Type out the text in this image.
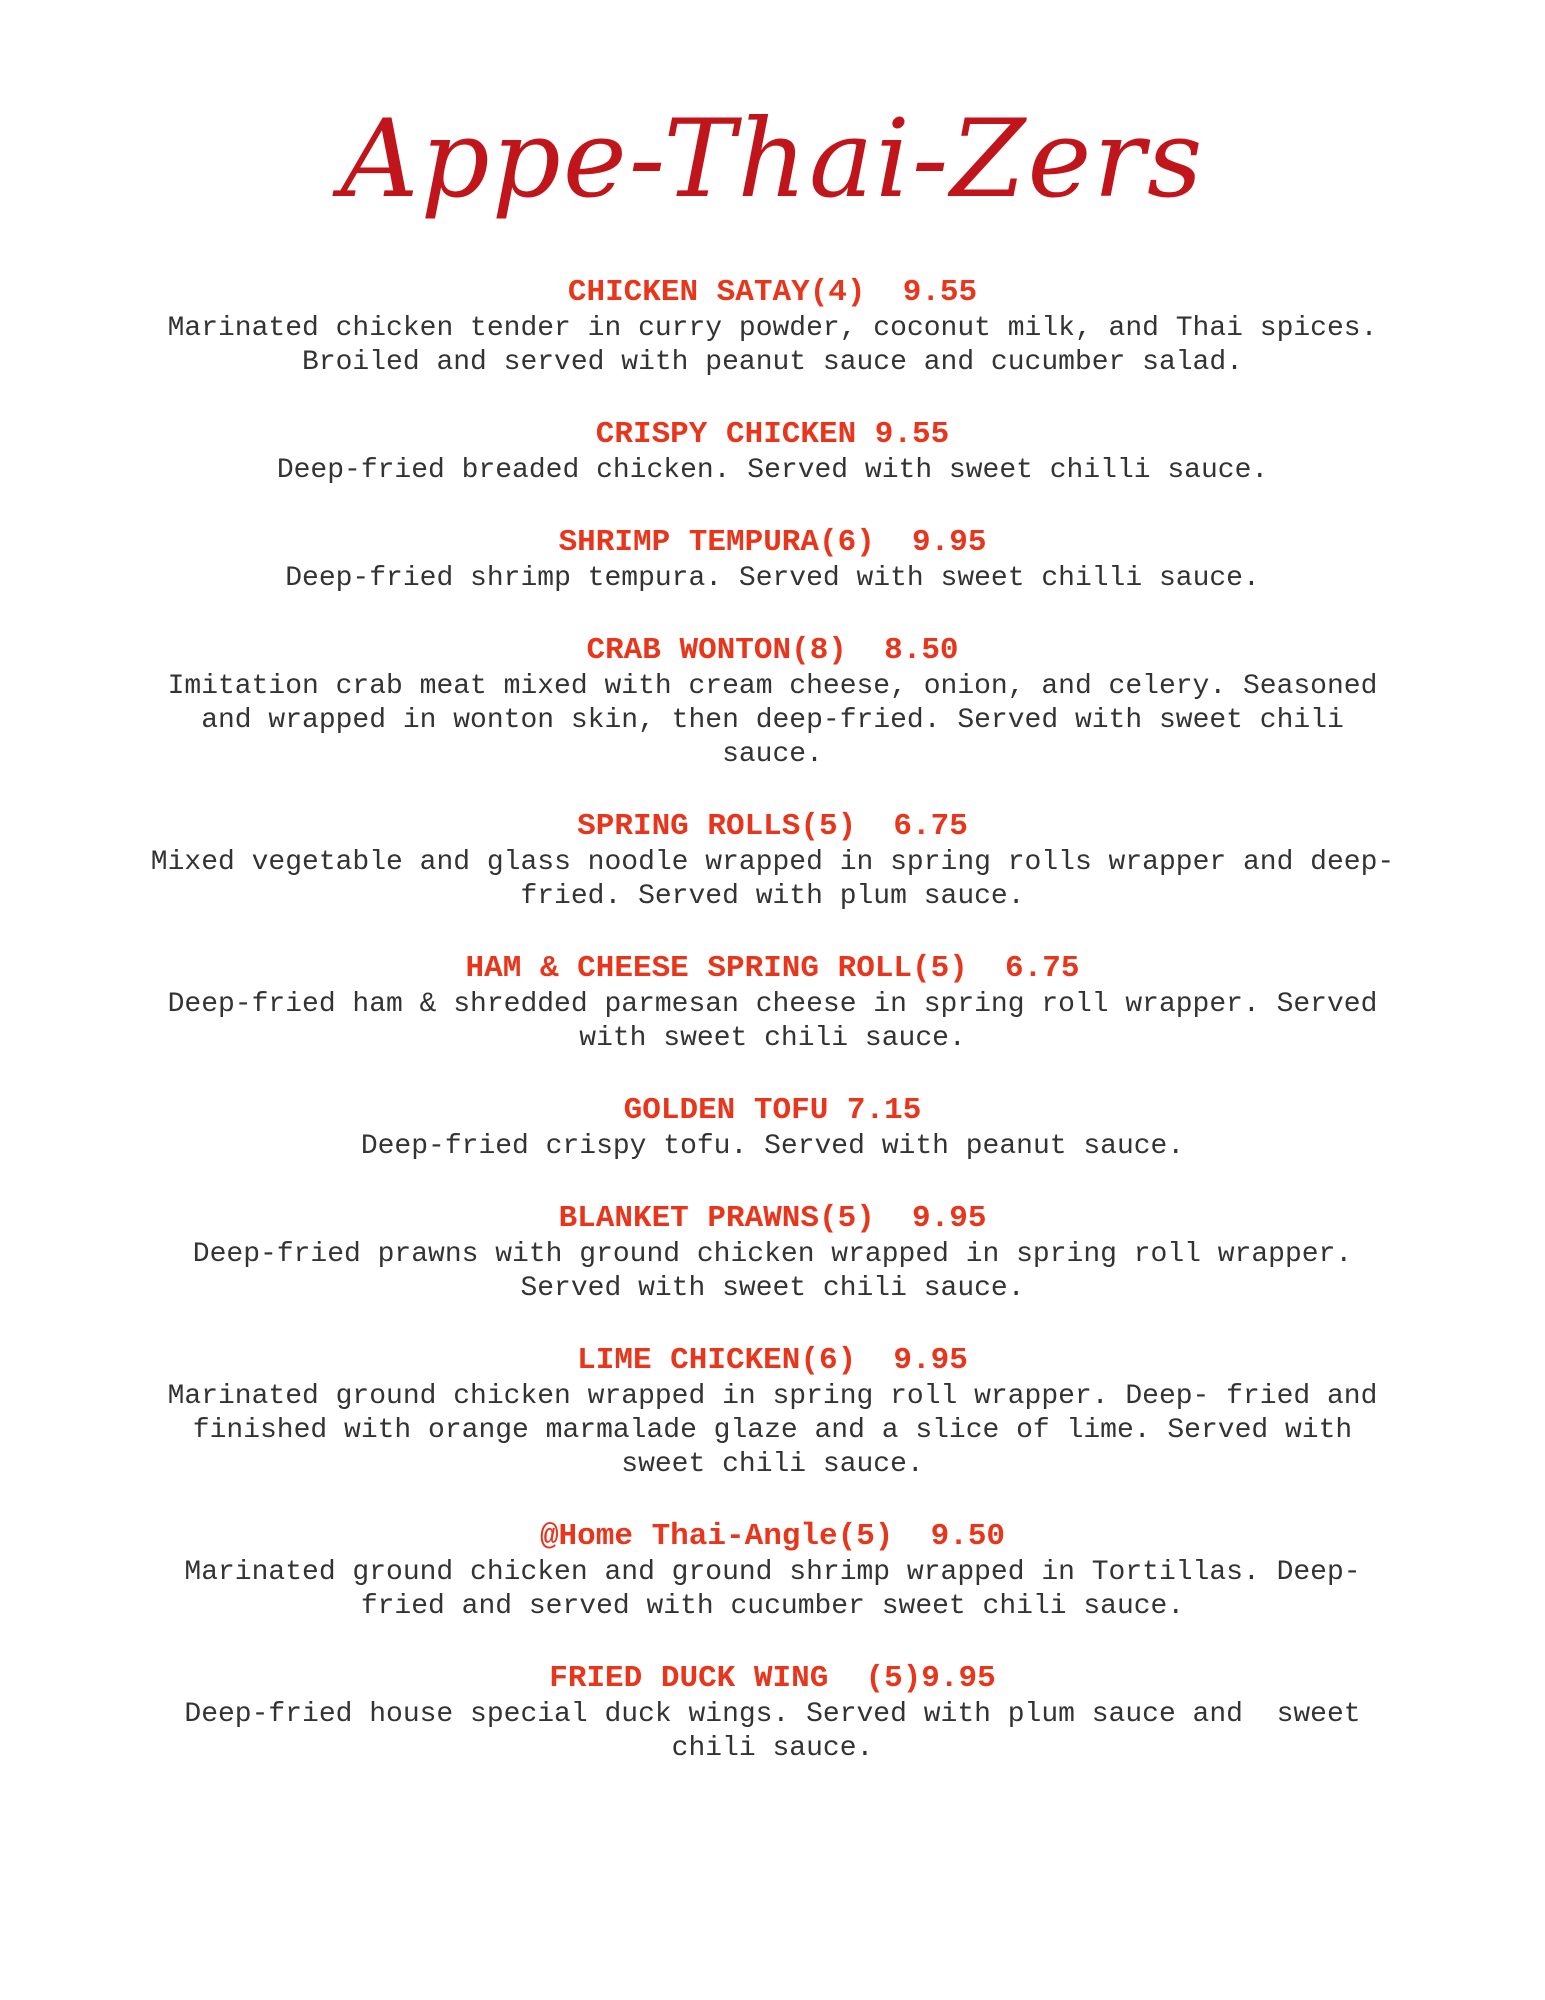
Appe-Thai-Zers
CHICKEN SATAY(4)  9.55
Marinated chicken tender in curry powder, coconut milk, and Thai spices.
Broiled and served with peanut sauce and cucumber salad.
CRISPY CHICKEN 9.55
Deep-fried breaded chicken. Served with sweet chilli sauce.
SHRIMP TEMPURA(6)  9.95
Deep-fried shrimp tempura. Served with sweet chilli sauce.
CRAB WONTON(8)  8.50
Imitation crab meat mixed with cream cheese, onion, and celery. Seasoned
and wrapped in wonton skin, then deep-fried. Served with sweet chili
sauce.
SPRING ROLLS(5)  6.75
Mixed vegetable and glass noodle wrapped in spring rolls wrapper and deep-
fried. Served with plum sauce.
HAM & CHEESE SPRING ROLL(5)  6.75
Deep-fried ham & shredded parmesan cheese in spring roll wrapper. Served
with sweet chili sauce.
GOLDEN TOFU 7.15
Deep-fried crispy tofu. Served with peanut sauce.
BLANKET PRAWNS(5)  9.95
Deep-fried prawns with ground chicken wrapped in spring roll wrapper.
Served with sweet chili sauce.
LIME CHICKEN(6)  9.95
Marinated ground chicken wrapped in spring roll wrapper. Deep- fried and
finished with orange marmalade glaze and a slice of lime. Served with
sweet chili sauce.
@Home Thai-Angle(5)  9.50
Marinated ground chicken and ground shrimp wrapped in Tortillas. Deep-
fried and served with cucumber sweet chili sauce.
FRIED DUCK WING  (5)9.95
Deep-fried house special duck wings. Served with plum sauce and  sweet
chili sauce.
